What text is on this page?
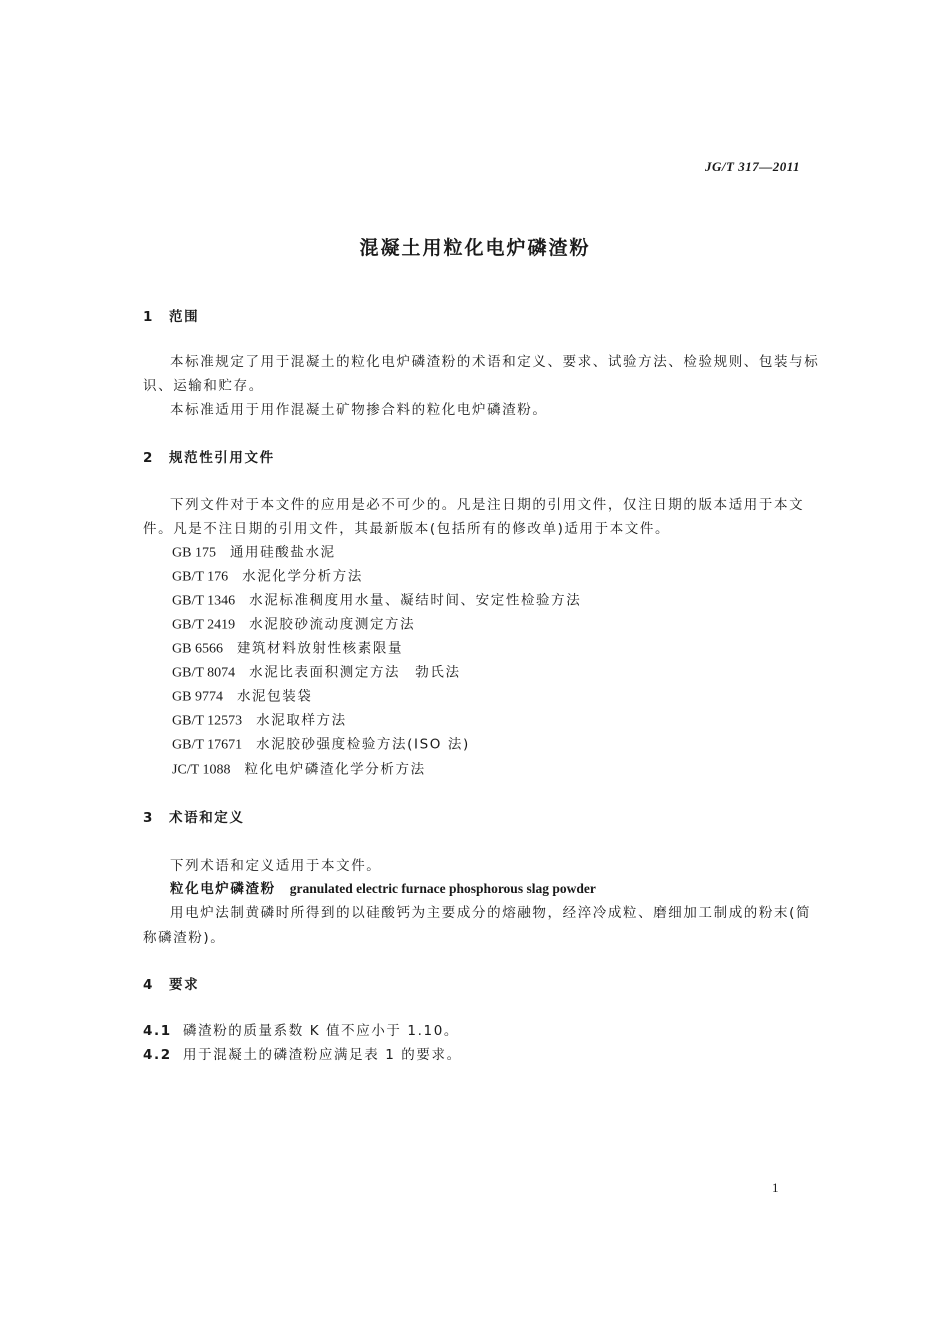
JG/T 317—2011
混凝土用粒化电炉磷渣粉
1 范围
本标准规定了用于混凝土的粒化电炉磷渣粉的术语和定义、要求、试验方法、检验规则、包装与标
识、运输和贮存。
本标准适用于用作混凝土矿物掺合料的粒化电炉磷渣粉。
2 规范性引用文件
下列文件对于本文件的应用是必不可少的。凡是注日期的引用文件，仅注日期的版本适用于本文
件。凡是不注日期的引用文件，其最新版本(包括所有的修改单)适用于本文件。
GB 175 通用硅酸盐水泥
GB/T 176 水泥化学分析方法
GB/T 1346 水泥标准稠度用水量、凝结时间、安定性检验方法
GB/T 2419 水泥胶砂流动度测定方法
GB 6566 建筑材料放射性核素限量
GB/T 8074 水泥比表面积测定方法　勃氏法
GB 9774 水泥包装袋
GB/T 12573 水泥取样方法
GB/T 17671 水泥胶砂强度检验方法(ISO 法)
JC/T 1088 粒化电炉磷渣化学分析方法
3 术语和定义
下列术语和定义适用于本文件。
粒化电炉磷渣粉 granulated electric furnace phosphorous slag powder
用电炉法制黄磷时所得到的以硅酸钙为主要成分的熔融物，经淬冷成粒、磨细加工制成的粉末(简
称磷渣粉)。
4 要求
4.1 磷渣粉的质量系数 K 值不应小于 1.10。
4.2 用于混凝土的磷渣粉应满足表 1 的要求。
1
